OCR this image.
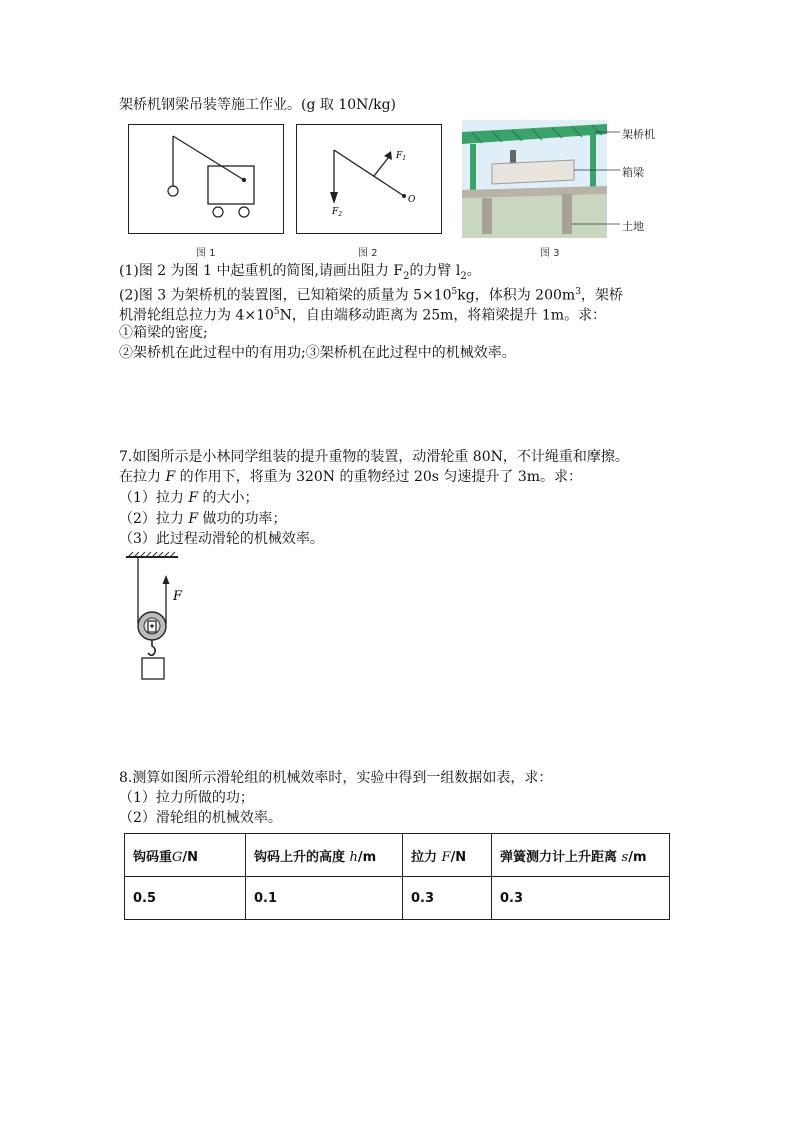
架桥机钢梁吊装等施工作业。(g 取 10N/kg)
图 1
$F_1$
$F_2$
O
图 2
架桥机
箱梁
土地
图 3
(1)图 2 为图 1 中起重机的简图,请画出阻力 $F_2$的力臂 $l_2$。
(2)图 3 为架桥机的装置图，已知箱梁的质量为 $5\times 10^5kg$，体积为 $200m^3$，架桥
机滑轮组总拉力为 $4\times 10^5N$，自由端移动距离为 25m，将箱梁提升 1m。求：
①箱梁的密度;
②架桥机在此过程中的有用功;③架桥机在此过程中的机械效率。
7.如图所示是小林同学组装的提升重物的装置，动滑轮重 80N，不计绳重和摩擦。
在拉力 F 的作用下，将重为 320N 的重物经过 20s 匀速提升了 3m。求：
（1）拉力 F 的大小；
（2）拉力 F 做功的功率；
（3）此过程动滑轮的机械效率。
F
8.测算如图所示滑轮组的机械效率时，实验中得到一组数据如表，求：
（1）拉力所做的功；
（2）滑轮组的机械效率。
钩码重G/N	钩码上升的高度 h/m	拉力 F/N	弹簧测力计上升距离 s/m
0.5	0.1	0.3	0.3
